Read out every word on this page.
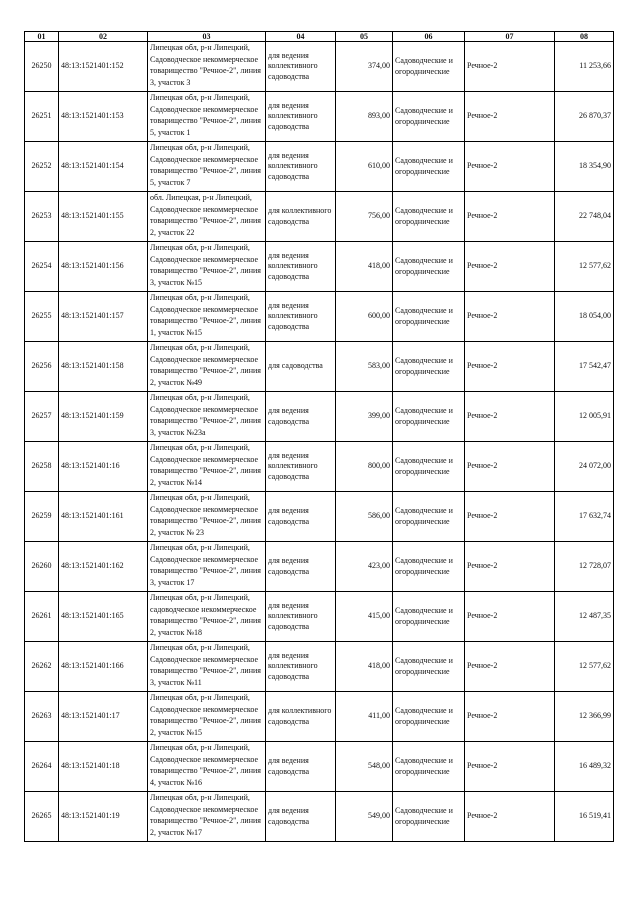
01	02	03	04	05	06	07	08
26250	48:13:1521401:152	Липецкая обл, р-н Липецкий, Садоводческое некоммерческое товарищество "Речное-2", линия 3, участок 3	для ведения коллективного садоводства	374,00	Садоводческие и огороднические	Речное-2	11 253,66
26251	48:13:1521401:153	Липецкая обл, р-н Липецкий, Садоводческое некоммерческое товарищество "Речное-2", линия 5, участок 1	для ведения коллективного садоводства	893,00	Садоводческие и огороднические	Речное-2	26 870,37
26252	48:13:1521401:154	Липецкая обл, р-н Липецкий, Садоводческое некоммерческое товарищество "Речное-2", линия 5, участок 7	для ведения коллективного садоводства	610,00	Садоводческие и огороднические	Речное-2	18 354,90
26253	48:13:1521401:155	обл. Липецкая, р-н Липецкий, Садоводческое некоммерческое товарищество "Речное-2", линия 2, участок 22	для коллективного садоводства	756,00	Садоводческие и огороднические	Речное-2	22 748,04
26254	48:13:1521401:156	Липецкая обл, р-н Липецкий, Садоводческое некоммерческое товарищество "Речное-2", линия 3, участок №15	для ведения коллективного садоводства	418,00	Садоводческие и огороднические	Речное-2	12 577,62
26255	48:13:1521401:157	Липецкая обл, р-н Липецкий, Садоводческое некоммерческое товарищество "Речное-2", линия 1, участок №15	для ведения коллективного садоводства	600,00	Садоводческие и огороднические	Речное-2	18 054,00
26256	48:13:1521401:158	Липецкая обл, р-н Липецкий, Садоводческое некоммерческое товарищество "Речное-2", линия 2, участок №49	для садоводства	583,00	Садоводческие и огороднические	Речное-2	17 542,47
26257	48:13:1521401:159	Липецкая обл, р-н Липецкий, Садоводческое некоммерческое товарищество "Речное-2", линия 3, участок №23а	для ведения садоводства	399,00	Садоводческие и огороднические	Речное-2	12 005,91
26258	48:13:1521401:16	Липецкая обл, р-н Липецкий, Садоводческое некоммерческое товарищество "Речное-2", линия 2, участок №14	для ведения коллективного садоводства	800,00	Садоводческие и огороднические	Речное-2	24 072,00
26259	48:13:1521401:161	Липецкая обл, р-н Липецкий, Садоводческое некоммерческое товарищество "Речное-2", линия 2, участок № 23	для ведения садоводства	586,00	Садоводческие и огороднические	Речное-2	17 632,74
26260	48:13:1521401:162	Липецкая обл, р-н Липецкий, Садоводческое некоммерческое товарищество "Речное-2", линия 3, участок 17	для ведения садоводства	423,00	Садоводческие и огороднические	Речное-2	12 728,07
26261	48:13:1521401:165	Липецкая обл, р-н Липецкий, садоводческое некоммерческое товарищество "Речное-2", линия 2, участок №18	для ведения коллективного садоводства	415,00	Садоводческие и огороднические	Речное-2	12 487,35
26262	48:13:1521401:166	Липецкая обл, р-н Липецкий, Садоводческое некоммерческое товарищество "Речное-2", линия 3, участок №11	для ведения коллективного садоводства	418,00	Садоводческие и огороднические	Речное-2	12 577,62
26263	48:13:1521401:17	Липецкая обл, р-н Липецкий, Садоводческое некоммерческое товарищество "Речное-2", линия 2, участок №15	для коллективного садоводства	411,00	Садоводческие и огороднические	Речное-2	12 366,99
26264	48:13:1521401:18	Липецкая обл, р-н Липецкий, Садоводческое некоммерческое товарищество "Речное-2", линия 4, участок №16	для ведения садоводства	548,00	Садоводческие и огороднические	Речное-2	16 489,32
26265	48:13:1521401:19	Липецкая обл, р-н Липецкий, Садоводческое некоммерческое товарищество "Речное-2", линия 2, участок №17	для ведения садоводства	549,00	Садоводческие и огороднические	Речное-2	16 519,41
